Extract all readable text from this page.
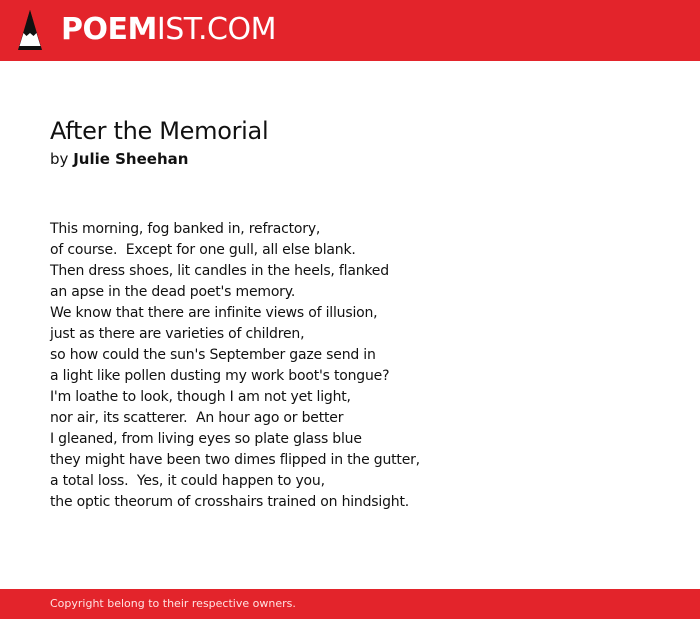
POEMIST.COM
After the Memorial
by Julie Sheehan
This morning, fog banked in, refractory,
of course.  Except for one gull, all else blank.
Then dress shoes, lit candles in the heels, flanked
an apse in the dead poet's memory.
We know that there are infinite views of illusion,
just as there are varieties of children,
so how could the sun's September gaze send in
a light like pollen dusting my work boot's tongue?
I'm loathe to look, though I am not yet light,
nor air, its scatterer.  An hour ago or better
I gleaned, from living eyes so plate glass blue
they might have been two dimes flipped in the gutter,
a total loss.  Yes, it could happen to you,
the optic theorum of crosshairs trained on hindsight.
Copyright belong to their respective owners.
